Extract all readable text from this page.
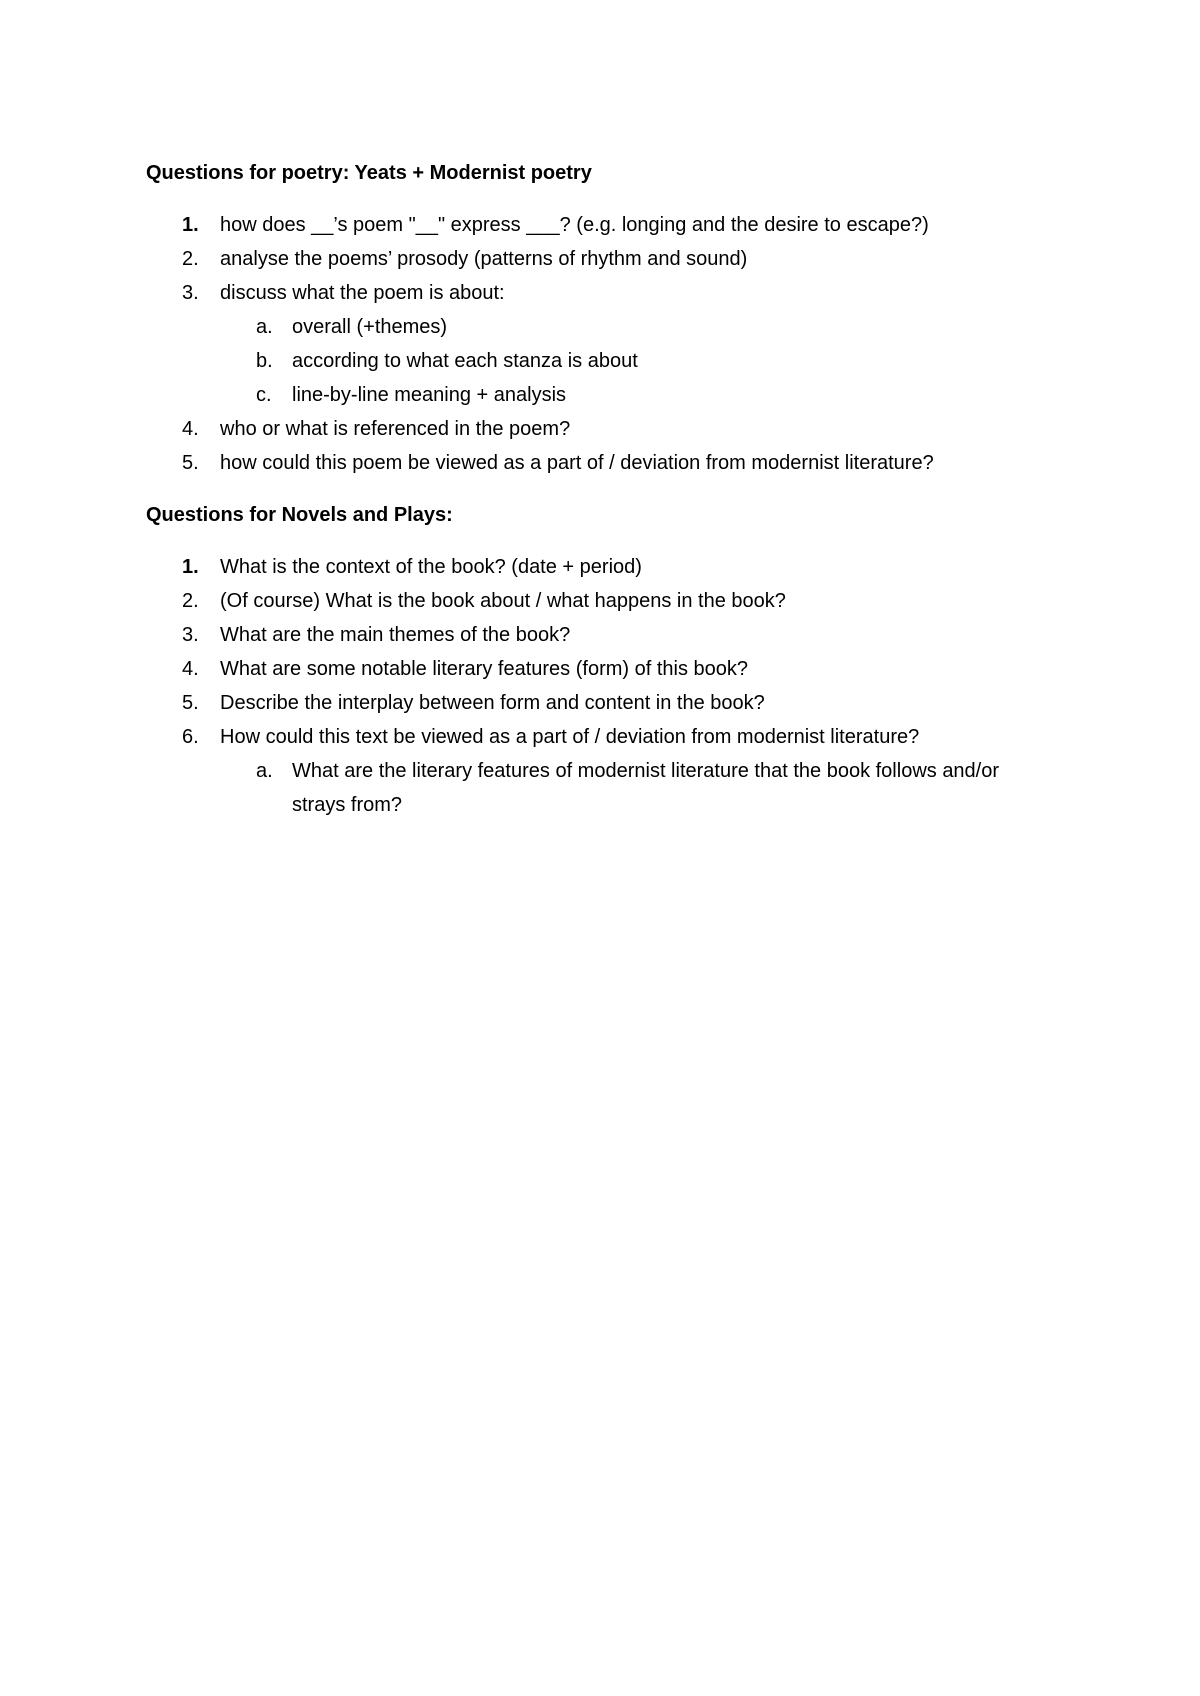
Questions for poetry: Yeats + Modernist poetry
1.	how does __’s poem "__" express ___? (e.g. longing and the desire to escape?)
2.	analyse the poems’ prosody (patterns of rhythm and sound)
3.	discuss what the poem is about:
a. overall (+themes)
b. according to what each stanza is about
c.	line-by-line meaning + analysis
4.	who or what is referenced in the poem?
5.	how could this poem be viewed as a part of / deviation from modernist literature?
Questions for Novels and Plays:
1.	What is the context of the book? (date + period)
2.	(Of course) What is the book about / what happens in the book?
3.	What are the main themes of the book?
4.	What are some notable literary features (form) of this book?
5.	Describe the interplay between form and content in the book?
6.	How could this text be viewed as a part of / deviation from modernist literature?
a. What are the literary features of modernist literature that the book follows and/or strays from?
